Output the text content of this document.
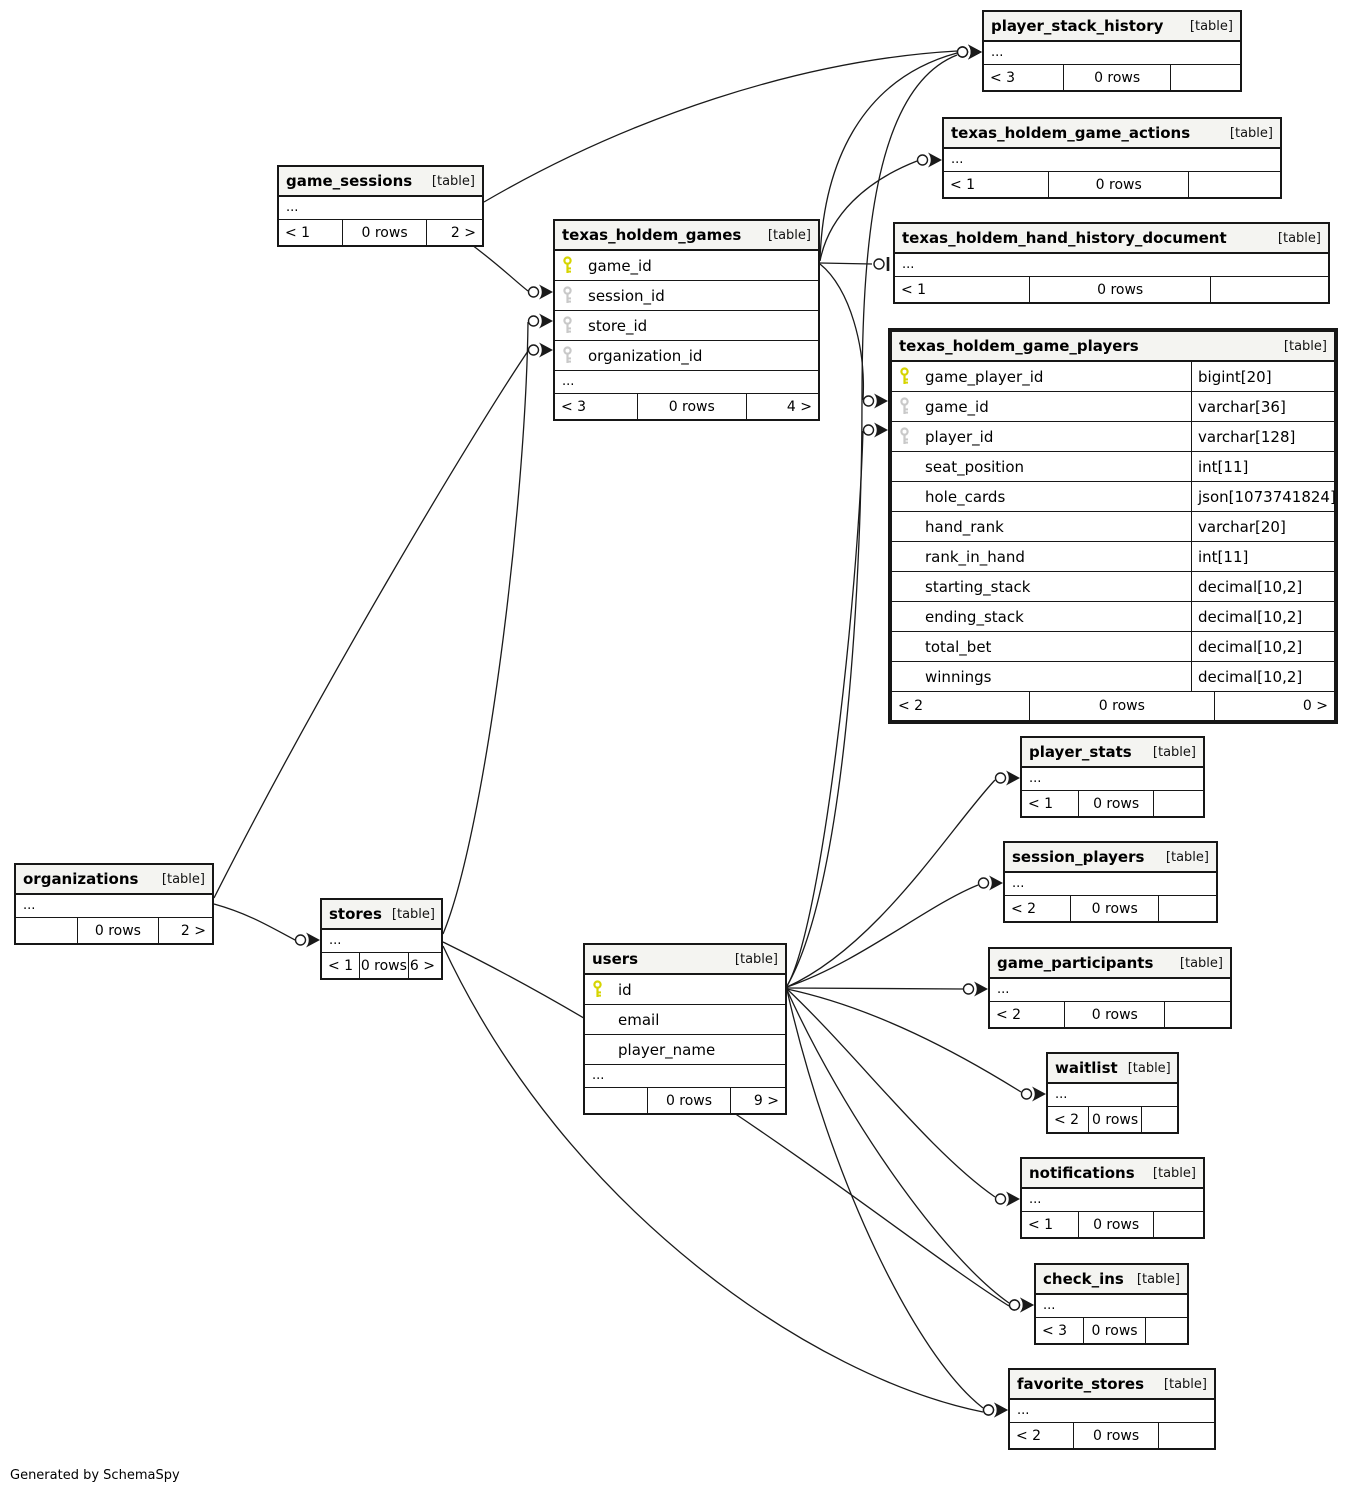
Generated by SchemaSpy
player_stack_history [table]
...
< 3	0 rows
texas_holdem_game_actions	[table]
...
< 1	0 rows
texas_holdem_hand_history_document	[table]
...
< 1	0 rows
game_sessions [table]
...
< 1	0 rows	2 >	texas_holdem_games [table]
game_id
session_id
store_id
organization_id
...
< 3	0 rows	4 >
texas_holdem_game_players	[table]
game_player_id	bigint[20]
game_id	varchar[36]
player_id	varchar[128]
seat_position	int[11]
hole_cards	json[1073741824]
hand_rank	varchar[20]
rank_in_hand	int[11]
starting_stack	decimal[10,2]
ending_stack	decimal[10,2]
total_bet	decimal[10,2]
winnings	decimal[10,2]
< 2	0 rows	0 >
player_stats [table]
...
< 1	0 rows
session_players [table]
...
< 2	0 rows
game_participants [table]
...
< 2	0 rows
waitlist [table]
...
< 2 0 rows
notifications [table]
...
< 1	0 rows
check_ins [table]
...
< 3	0 rows
favorite_stores [table]
...
< 2	0 rows
organizations [table]
...
0 rows	2 >
stores [table]
...
< 1 0 rows 6 >	users	[table]
id
email
player_name
...
0 rows	9 >
